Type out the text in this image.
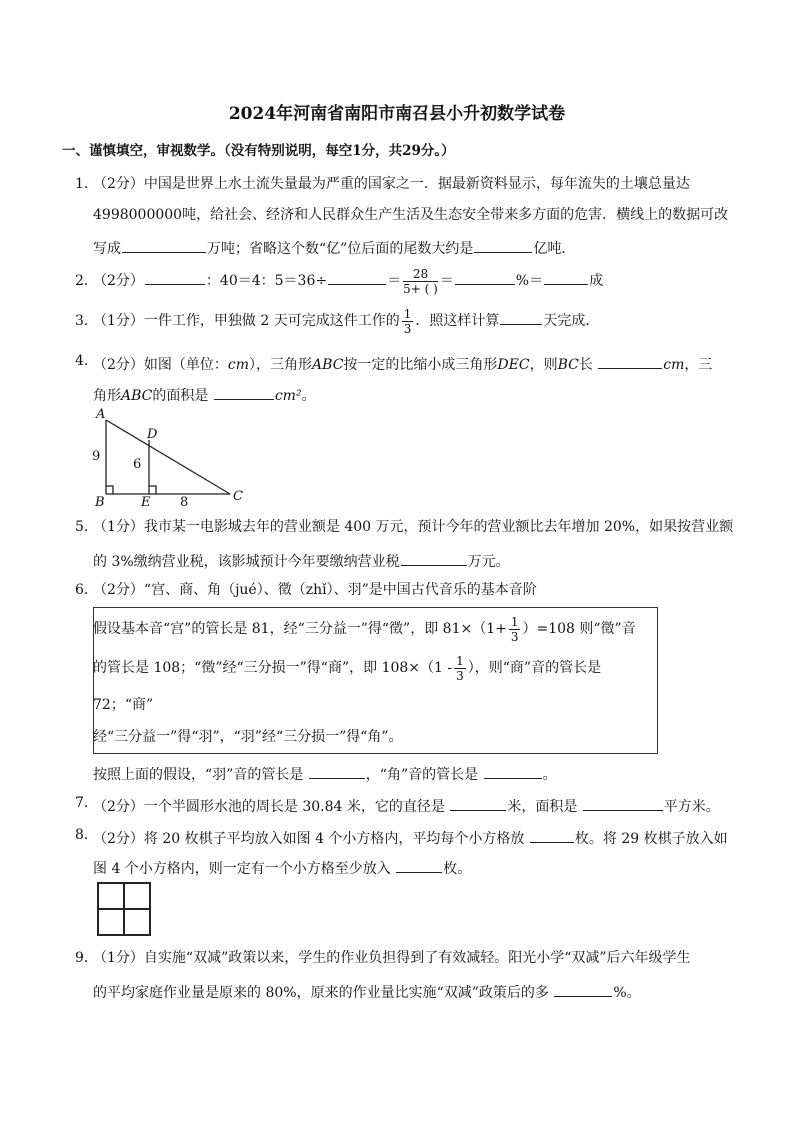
2024年河南省南阳市南召县小升初数学试卷
一、谨慎填空，审视数学。（没有特别说明，每空1分，共29分。）
1．
（2分）中国是世界上水土流失量最为严重的国家之一．据最新资料显示，每年流失的土壤总量达
4998000000吨，给社会、经济和人民群众生产生活及生态安全带来多方面的危害．横线上的数据可改
写成	万吨；省略这个数“亿”位后面的尾数大约是	亿吨．
2．
（2分）	：40＝4：5＝36÷	＝ $\frac{28}{5+ ( )}$ ＝	%＝	成
3．
（1分）一件工作，甲独做 2 天可完成这件工作的 $\frac{1}{3}$ ．照这样计算	天完成．
4．
（2分）如图（单位：cm），三角形ABC按一定的比缩小成三角形DEC，则BC长	cm，三
角形ABC的面积是	cm²。
A
D
9
6
B	E 8	C
5．
（1分）我市某一电影城去年的营业额是 400 万元，预计今年的营业额比去年增加 20%，如果按营业额
的 3%缴纳营业税，该影城预计今年要缴纳营业税	万元。
6．
（2分）“宫、商、角（jué）、徵（zhǐ）、羽”是中国古代音乐的基本音阶
假设基本音“宫”的管长是 81，经“三分益一”得“徵”，即 $81\times(1+ \frac{1}{3} )=108$ 则“徵”音
的管长是 108；“徵”经“三分损一”得“商”，即 $108\times(1 - \frac{1}{3}$ ），则“商”音的管长是
72；“商”
经“三分益一”得“羽”，“羽”经“三分损一”得“角”。
按照上面的假设，“羽”音的管长是	，“角”音的管长是	。
7．
（2分）一个半圆形水池的周长是 30.84 米，它的直径是	米，面积是	平方米。
8．
（2分）将 20 枚棋子平均放入如图 4 个小方格内，平均每个小方格放	枚。将 29 枚棋子放入如
图 4 个小方格内，则一定有一个小方格至少放入	枚。
9．
（1分）自实施“双减”政策以来，学生的作业负担得到了有效减轻。阳光小学“双减”后六年级学生
的平均家庭作业量是原来的 80%，原来的作业量比实施“双减”政策后的多	%。
